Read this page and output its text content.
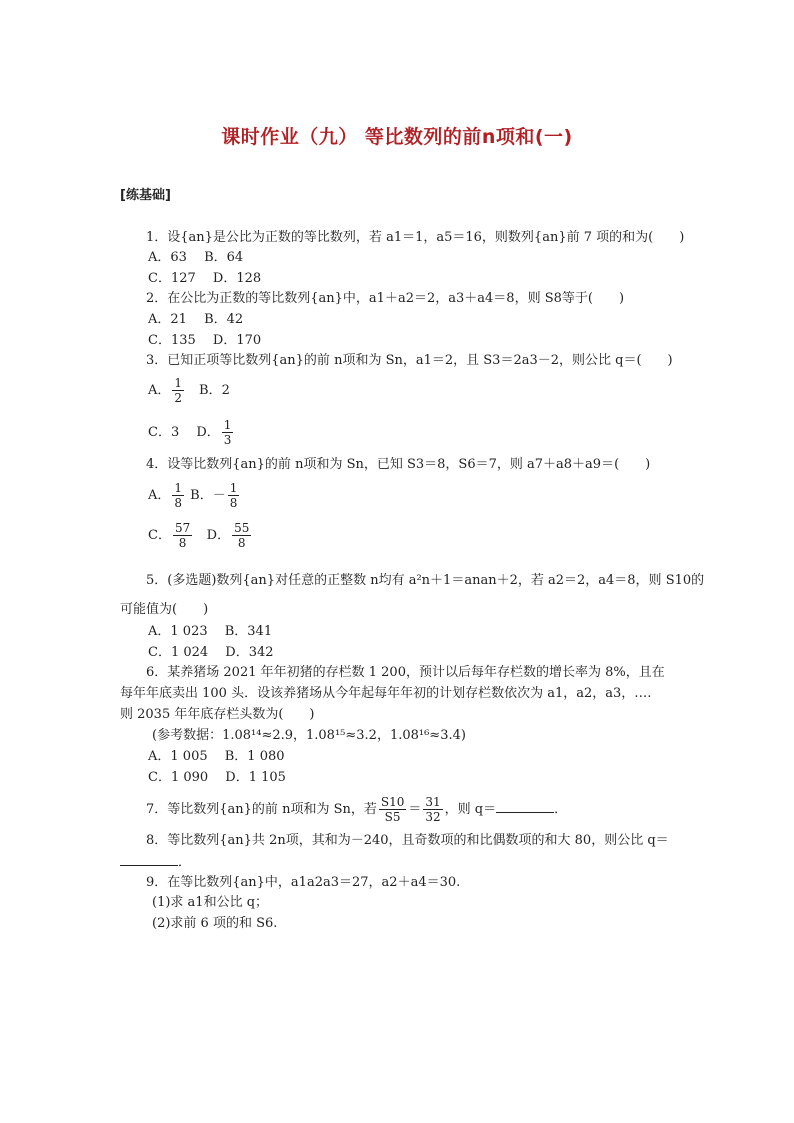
课时作业（九） 等比数列的前n项和(一)
[练基础]
1．设{an}是公比为正数的等比数列，若 a1＝1，a5＝16，则数列{an}前 7 项的和为(　　)
A．63　 B．64
C．127　 D．128
2．在公比为正数的等比数列{an}中，a1＋a2＝2，a3＋a4＝8，则 S8等于(　　)
A．21　 B．42
C．135　 D．170
3．已知正项等比数列{an}的前 n项和为 Sn，a1＝2，且 S3＝2a3－2，则公比 q＝(　　)
A． $\frac{1}{2}$ 　B．2
C．3　 D． $\frac{1}{3}$
4．设等比数列{an}的前 n项和为 Sn，已知 S3＝8，S6＝7，则 a7＋a8＋a9＝(　　)
A． $\frac{1}{8}$ B．－ $\frac{1}{8}$
C． $\frac{57}{8}$ D． $\frac{55}{8}$
5．(多选题)数列{an}对任意的正整数 n均有 a²n＋1＝anan＋2，若 a2＝2，a4＝8，则 S10的
可能值为(　　)
A．1 023　 B．341
C．1 024　 D．342
6．某养猪场 2021 年年初猪的存栏数 1 200，预计以后每年存栏数的增长率为 8%，且在
每年年底卖出 100 头．设该养猪场从今年起每年年初的计划存栏数依次为 a1，a2，a3，….
则 2035 年年底存栏头数为(　　)
(参考数据：1.08¹⁴≈2.9，1.08¹⁵≈3.2，1.08¹⁶≈3.4)
A．1 005　 B．1 080
C．1 090　 D．1 105
7．等比数列{an}的前 n项和为 Sn，若 $\frac{S10}{S5} = \frac{31}{32}$ ，则 q＝	．
8．等比数列{an}共 2n项，其和为－240，且奇数项的和比偶数项的和大 80，则公比 q＝
．
9．在等比数列{an}中，a1a2a3＝27，a2＋a4＝30.
(1)求 a1和公比 q；
(2)求前 6 项的和 S6.
